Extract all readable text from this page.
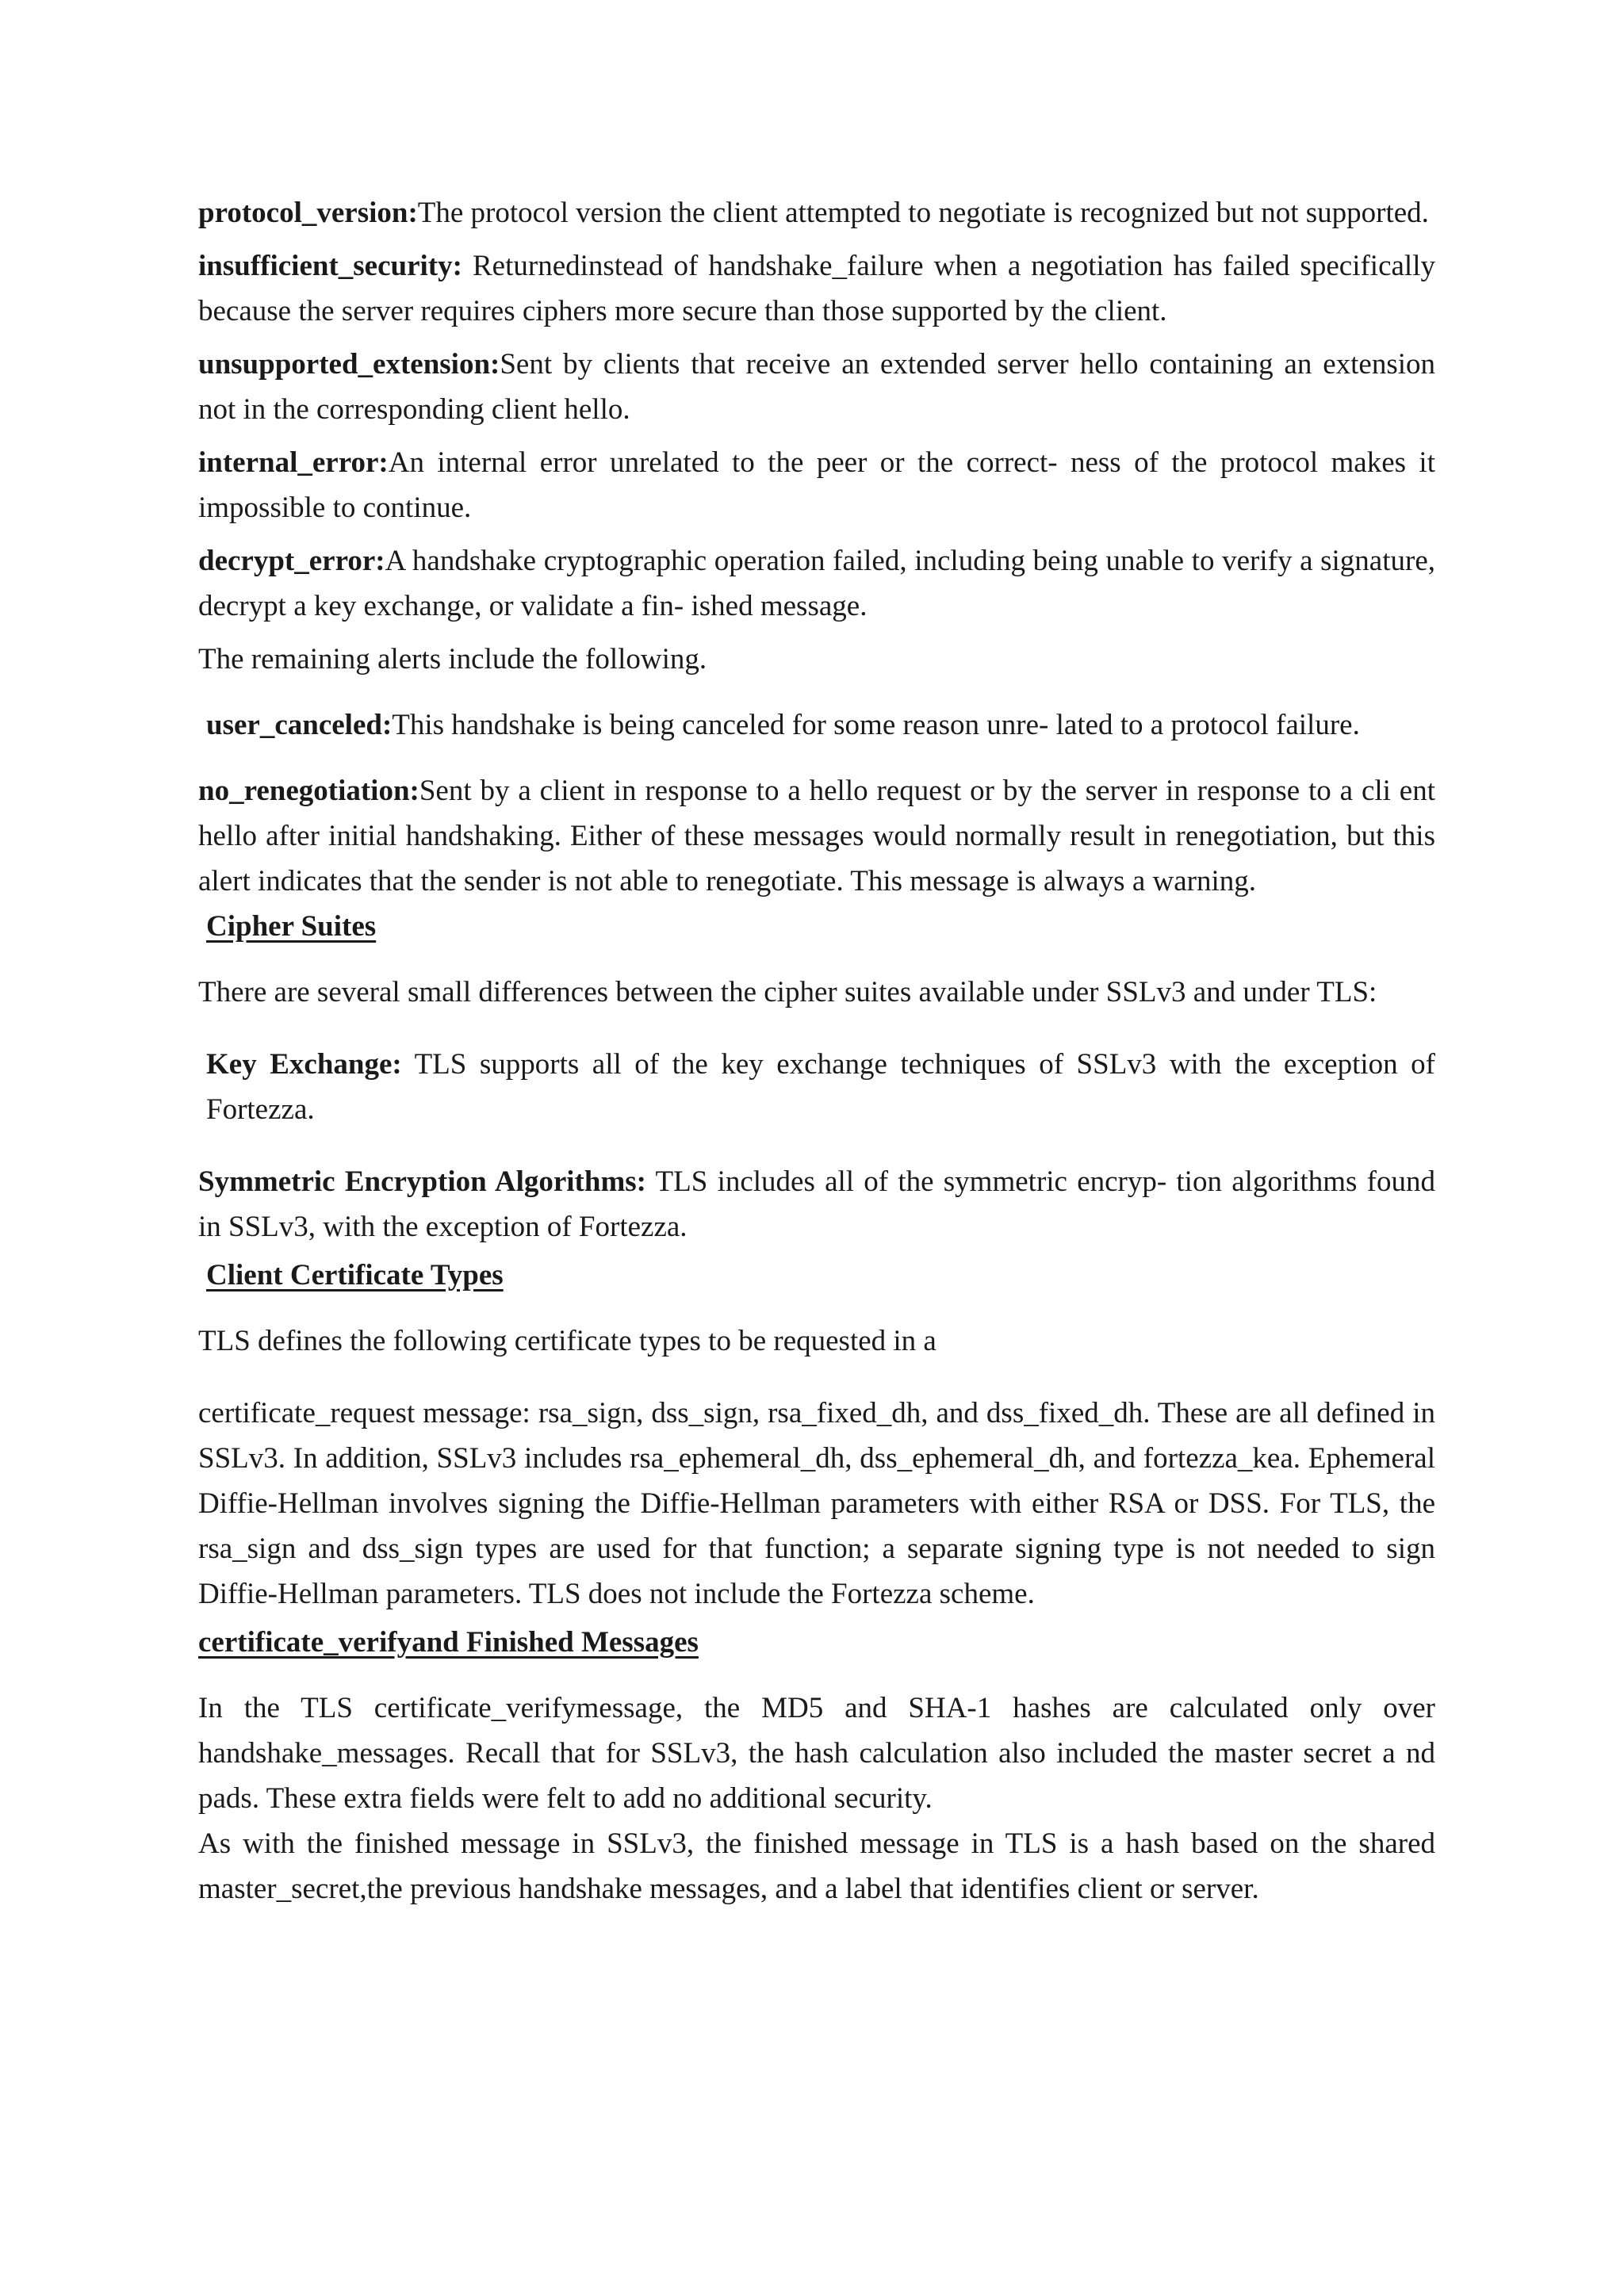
protocol_version:The protocol version the client attempted to negotiate is recognized but not supported.

insufficient_security: Returnedinstead of handshake_failure when a negotiation has failed specifically because the server requires ciphers more secure than those supported by the client.

unsupported_extension:Sent by clients that receive an extended server hello containing an extension not in the corresponding client hello.

internal_error:An internal error unrelated to the peer or the correct- ness of the protocol makes it impossible to continue.

decrypt_error:A handshake cryptographic operation failed, including being unable to verify a signature, decrypt a key exchange, or validate a fin- ished message.

The remaining alerts include the following.

user_canceled:This handshake is being canceled for some reason unre- lated to a protocol failure.

no_renegotiation:Sent by a client in response to a hello request or by the server in response to a cli ent hello after initial handshaking. Either of these messages would normally result in renegotiation, but this alert indicates that the sender is not able to renegotiate. This message is always a warning.

Cipher Suites

There are several small differences between the cipher suites available under SSLv3 and under TLS:

Key Exchange: TLS supports all of the key exchange techniques of SSLv3 with the exception of Fortezza.

Symmetric Encryption Algorithms: TLS includes all of the symmetric encryp- tion algorithms found in SSLv3, with the exception of Fortezza.

Client Certificate Types

TLS defines the following certificate types to be requested in a

certificate_request message: rsa_sign, dss_sign, rsa_fixed_dh, and dss_fixed_dh. These are all defined in SSLv3. In addition, SSLv3 includes rsa_ephemeral_dh, dss_ephemeral_dh, and fortezza_kea. Ephemeral Diffie-Hellman involves signing the Diffie-Hellman parameters with either RSA or DSS. For TLS, the rsa_sign and dss_sign types are used for that function; a separate signing type is not needed to sign Diffie-Hellman parameters. TLS does not include the Fortezza scheme.

certificate_verifyand Finished Messages

In the TLS certificate_verifymessage, the MD5 and SHA-1 hashes are calculated only over handshake_messages. Recall that for SSLv3, the hash calculation also included the master secret a nd pads. These extra fields were felt to add no additional security.

As with the finished message in SSLv3, the finished message in TLS is a hash based on the shared master_secret,the previous handshake messages, and a label that identifies client or server.
